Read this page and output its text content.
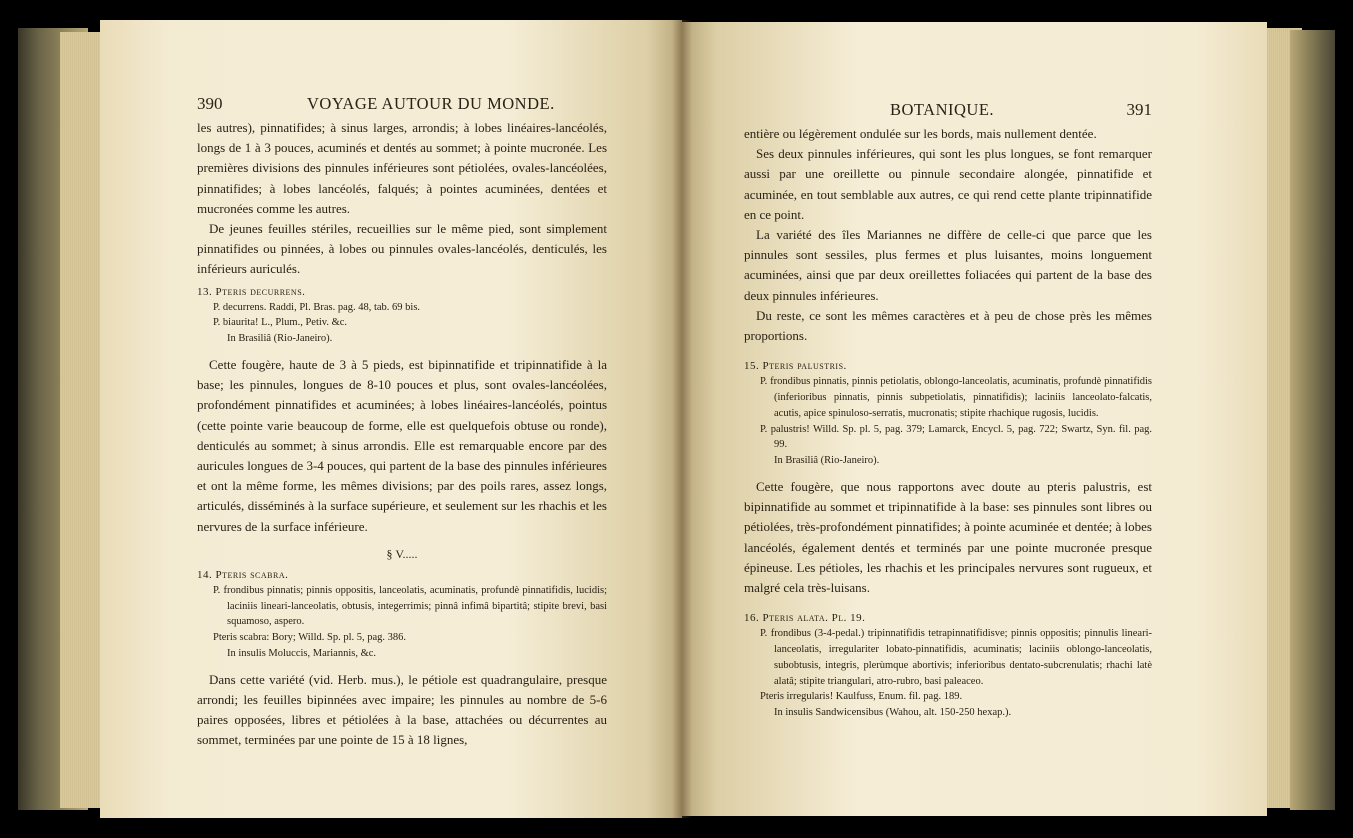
390	VOYAGE AUTOUR DU MONDE.

les autres), pinnatifides; à sinus larges, arrondis; à lobes linéaires-lancéolés, longs de 1 à 3 pouces, acuminés et dentés au sommet; à pointe mucronée. Les premières divisions des pinnules inférieures sont pétiolées, ovales-lancéolées, pinnatifides; à lobes lancéolés, falqués; à pointes acuminées, dentées et mucronées comme les autres.

De jeunes feuilles stériles, recueillies sur le même pied, sont simplement pinnatifides ou pinnées, à lobes ou pinnules ovales-lancéolés, denticulés, les inférieurs auriculés.

13. Pteris decurrens.

P. decurrens. Raddi, Pl. Bras. pag. 48, tab. 69 bis.

P. biaurita! L., Plum., Petiv. &c.

In Brasiliâ (Rio-Janeiro).

Cette fougère, haute de 3 à 5 pieds, est bipinnatifide et tripinnatifide à la base; les pinnules, longues de 8-10 pouces et plus, sont ovales-lancéolées, profondément pinnatifides et acuminées; à lobes linéaires-lancéolés, pointus (cette pointe varie beaucoup de forme, elle est quelquefois obtuse ou ronde), denticulés au sommet; à sinus arrondis. Elle est remarquable encore par des auricules longues de 3-4 pouces, qui partent de la base des pinnules inférieures et ont la même forme, les mêmes divisions; par des poils rares, assez longs, articulés, disséminés à la surface supérieure, et seulement sur les rhachis et les nervures de la surface inférieure.

§ V.....

14. Pteris scabra.

P. frondibus pinnatis; pinnis oppositis, lanceolatis, acuminatis, profundè pinnatifidis, lucidis; laciniis lineari-lanceolatis, obtusis, integerrimis; pinnâ infimâ bipartitâ; stipite brevi, basi squamoso, aspero.

Pteris scabra: Bory; Willd. Sp. pl. 5, pag. 386.

In insulis Moluccis, Mariannis, &c.

Dans cette variété (vid. Herb. mus.), le pétiole est quadrangulaire, presque arrondi; les feuilles bipinnées avec impaire; les pinnules au nombre de 5-6 paires opposées, libres et pétiolées à la base, attachées ou décurrentes au sommet, terminées par une pointe de 15 à 18 lignes,

BOTANIQUE.	391

entière ou légèrement ondulée sur les bords, mais nullement dentée.

Ses deux pinnules inférieures, qui sont les plus longues, se font remarquer aussi par une oreillette ou pinnule secondaire alongée, pinnatifide et acuminée, en tout semblable aux autres, ce qui rend cette plante tripinnatifide en ce point.

La variété des îles Mariannes ne diffère de celle-ci que parce que les pinnules sont sessiles, plus fermes et plus luisantes, moins longuement acuminées, ainsi que par deux oreillettes foliacées qui partent de la base des deux pinnules inférieures.

Du reste, ce sont les mêmes caractères et à peu de chose près les mêmes proportions.

15. Pteris palustris.

P. frondibus pinnatis, pinnis petiolatis, oblongo-lanceolatis, acuminatis, profundè pinnatifidis (inferioribus pinnatis, pinnis subpetiolatis, pinnatifidis); laciniis lanceolato-falcatis, acutis, apice spinuloso-serratis, mucronatis; stipite rhachique rugosis, lucidis.

P. palustris! Willd. Sp. pl. 5, pag. 379; Lamarck, Encycl. 5, pag. 722; Swartz, Syn. fil. pag. 99.

In Brasiliâ (Rio-Janeiro).

Cette fougère, que nous rapportons avec doute au pteris palustris, est bipinnatifide au sommet et tripinnatifide à la base: ses pinnules sont libres ou pétiolées, très-profondément pinnatifides; à pointe acuminée et dentée; à lobes lancéolés, également dentés et terminés par une pointe mucronée presque épineuse. Les pétioles, les rhachis et les principales nervures sont rugueux, et malgré cela très-luisans.

16. Pteris alata. Pl. 19.

P. frondibus (3-4-pedal.) tripinnatifidis tetrapinnatifidisve; pinnis oppositis; pinnulis lineari-lanceolatis, irregulariter lobato-pinnatifidis, acuminatis; laciniis oblongo-lanceolatis, subobtusis, integris, plerùmque abortivis; inferioribus dentato-subcrenulatis; rhachi latè alatâ; stipite triangulari, atro-rubro, basi paleaceo.

Pteris irregularis! Kaulfuss, Enum. fil. pag. 189.

In insulis Sandwicensibus (Wahou, alt. 150-250 hexap.).
